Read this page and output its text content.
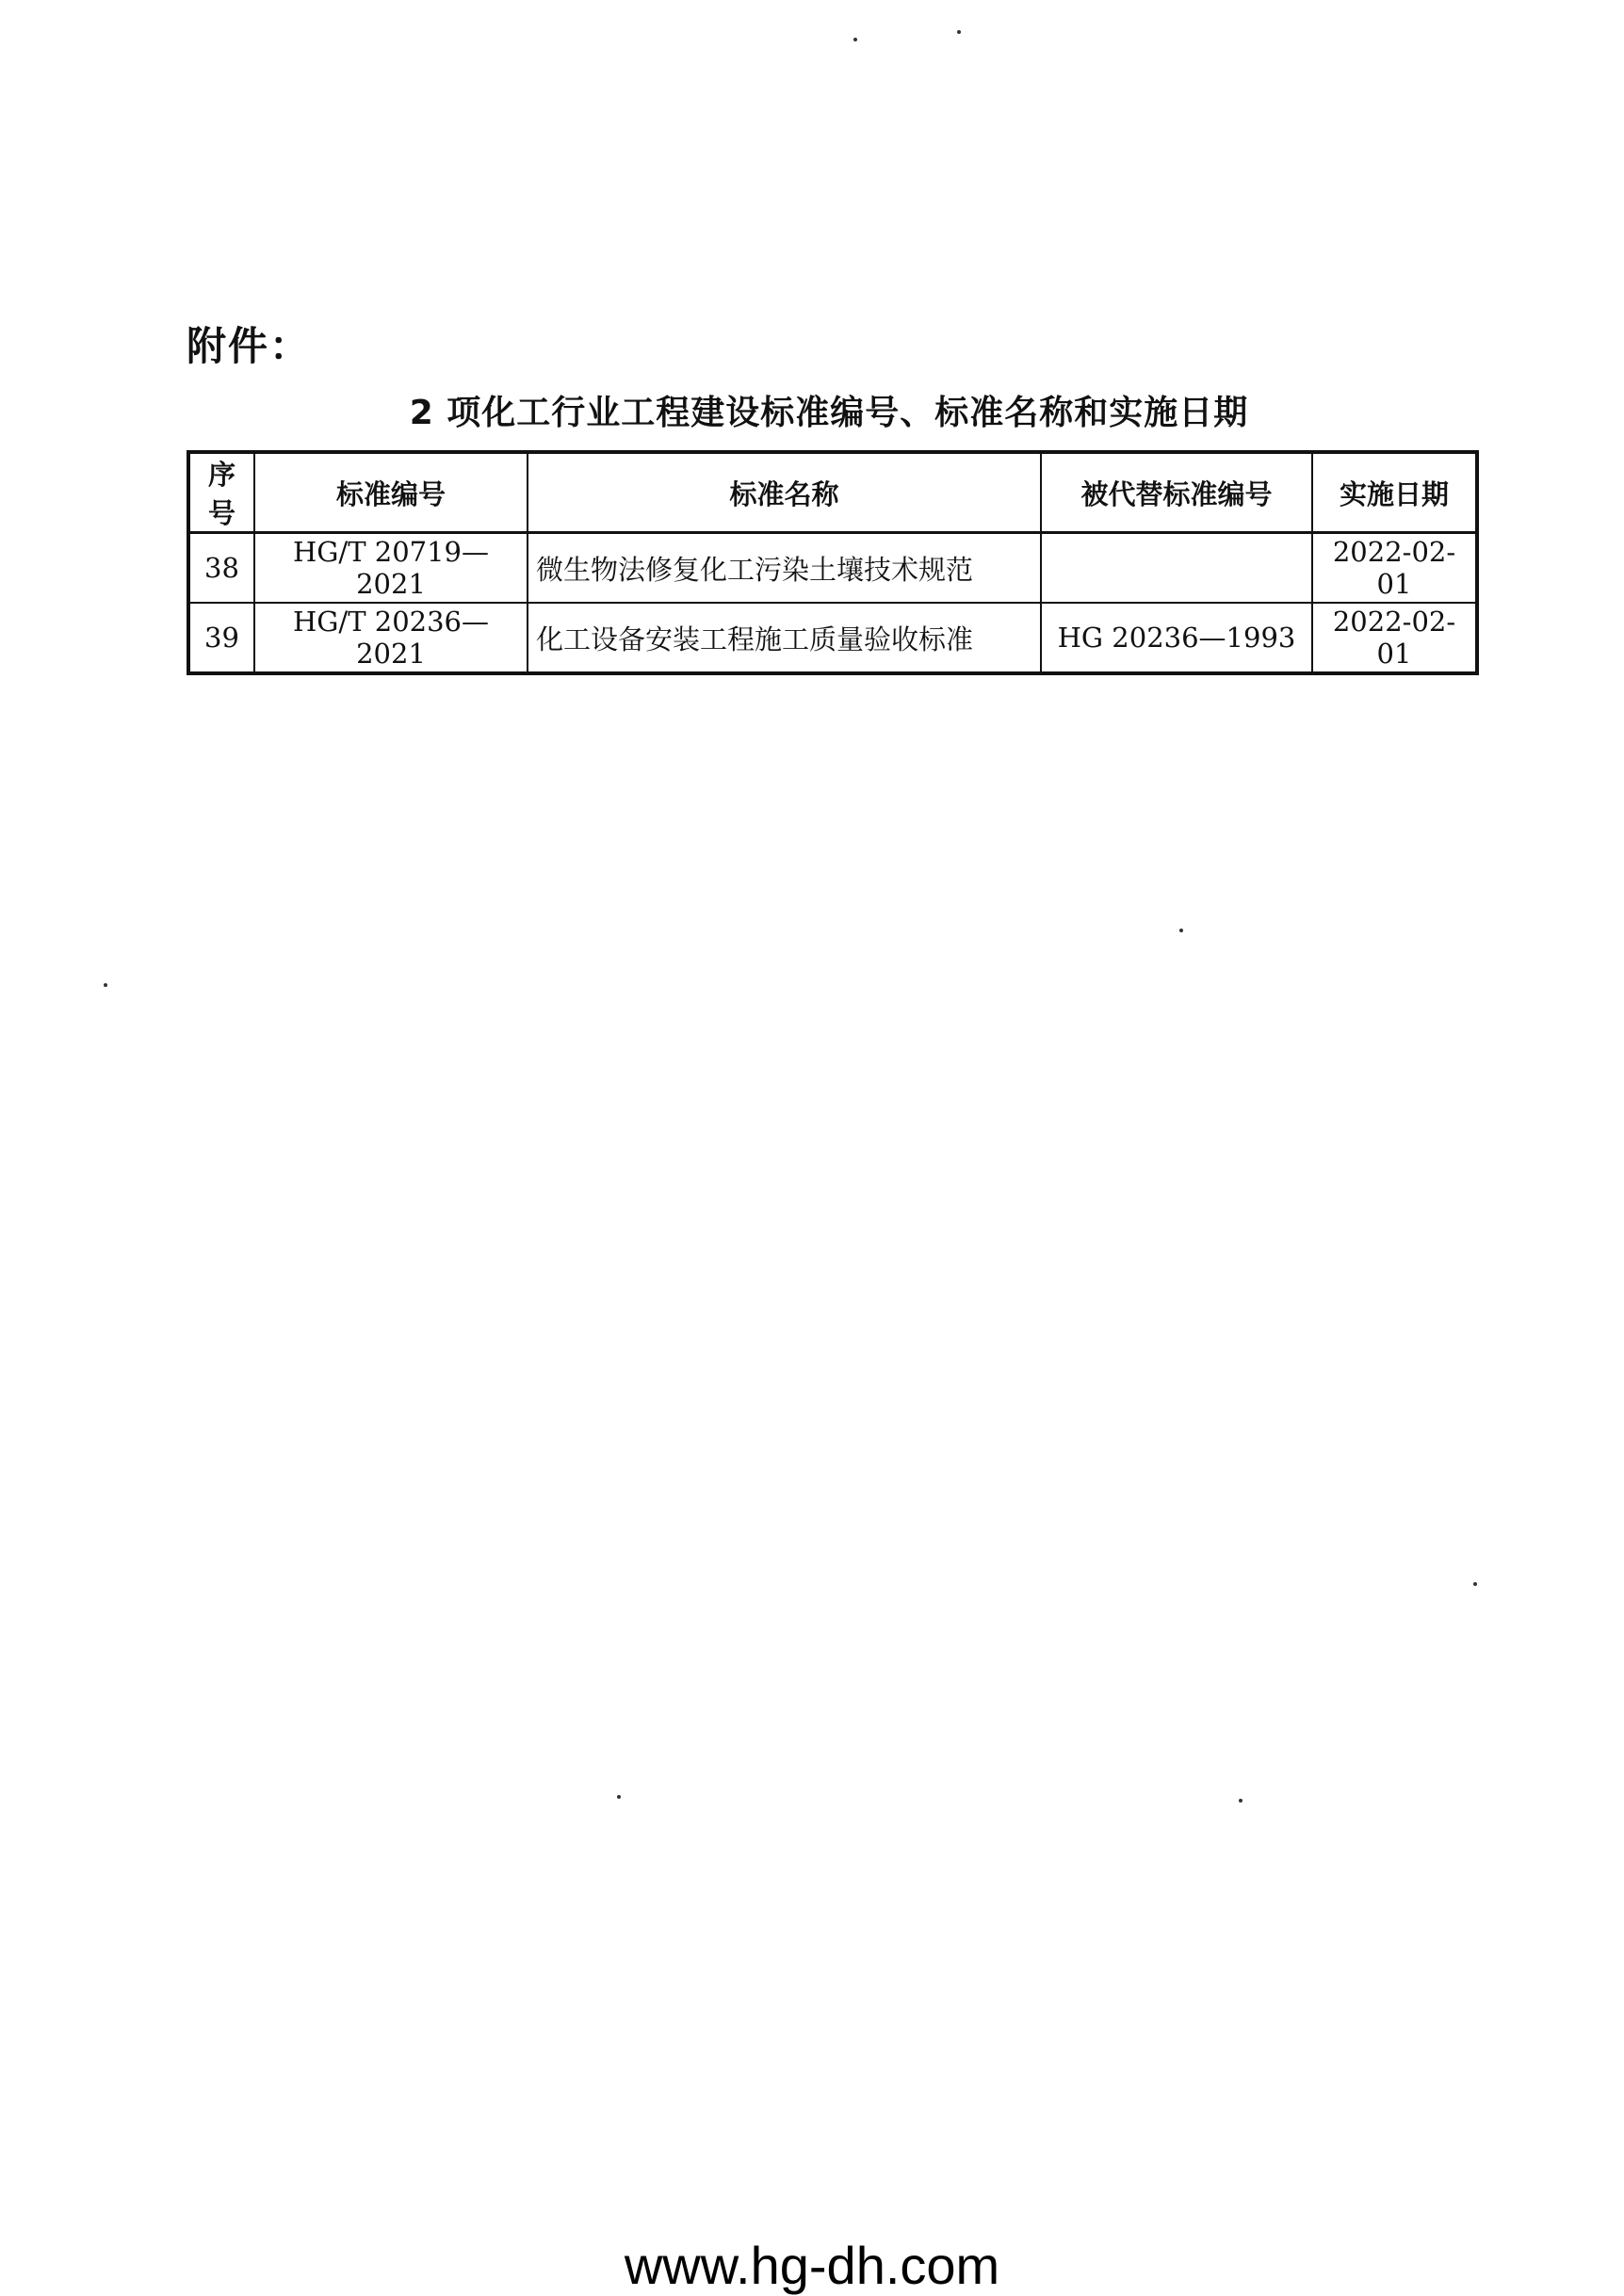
附件：
2 项化工行业工程建设标准编号、标准名称和实施日期
序号	标准编号	标准名称	被代替标准编号	实施日期
38	HG/T 20719—2021	微生物法修复化工污染土壤技术规范		2022-02-01
39	HG/T 20236—2021	化工设备安装工程施工质量验收标准	HG 20236—1993	2022-02-01
www.hg-dh.com
